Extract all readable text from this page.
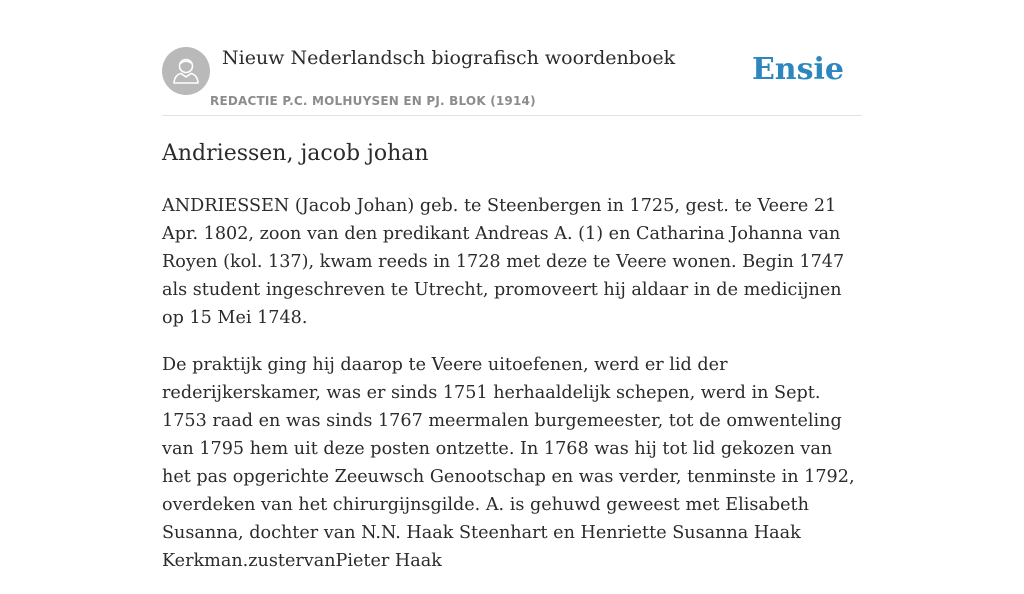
Nieuw Nederlandsch biografisch woordenboek
REDACTIE P.C. MOLHUYSEN EN PJ. BLOK (1914)
Ensie
Andriessen, jacob johan

ANDRIESSEN (Jacob Johan) geb. te Steenbergen in 1725, gest. te Veere 21 Apr. 1802, zoon van den predikant Andreas A. (1) en Catharina Johanna van Royen (kol. 137), kwam reeds in 1728 met deze te Veere wonen. Begin 1747 als student ingeschreven te Utrecht, promoveert hij aldaar in de medicijnen op 15 Mei 1748.

De praktijk ging hij daarop te Veere uitoefenen, werd er lid der rederijkerskamer, was er sinds 1751 herhaaldelijk schepen, werd in Sept. 1753 raad en was sinds 1767 meermalen burgemeester, tot de omwenteling van 1795 hem uit deze posten ontzette. In 1768 was hij tot lid gekozen van het pas opgerichte Zeeuwsch Genootschap en was verder, tenminste in 1792, overdeken van het chirurgijnsgilde. A. is gehuwd geweest met Elisabeth Susanna, dochter van N.N. Haak Steenhart en Henriette Susanna Haak Kerkman.zustervanPieter Haak
